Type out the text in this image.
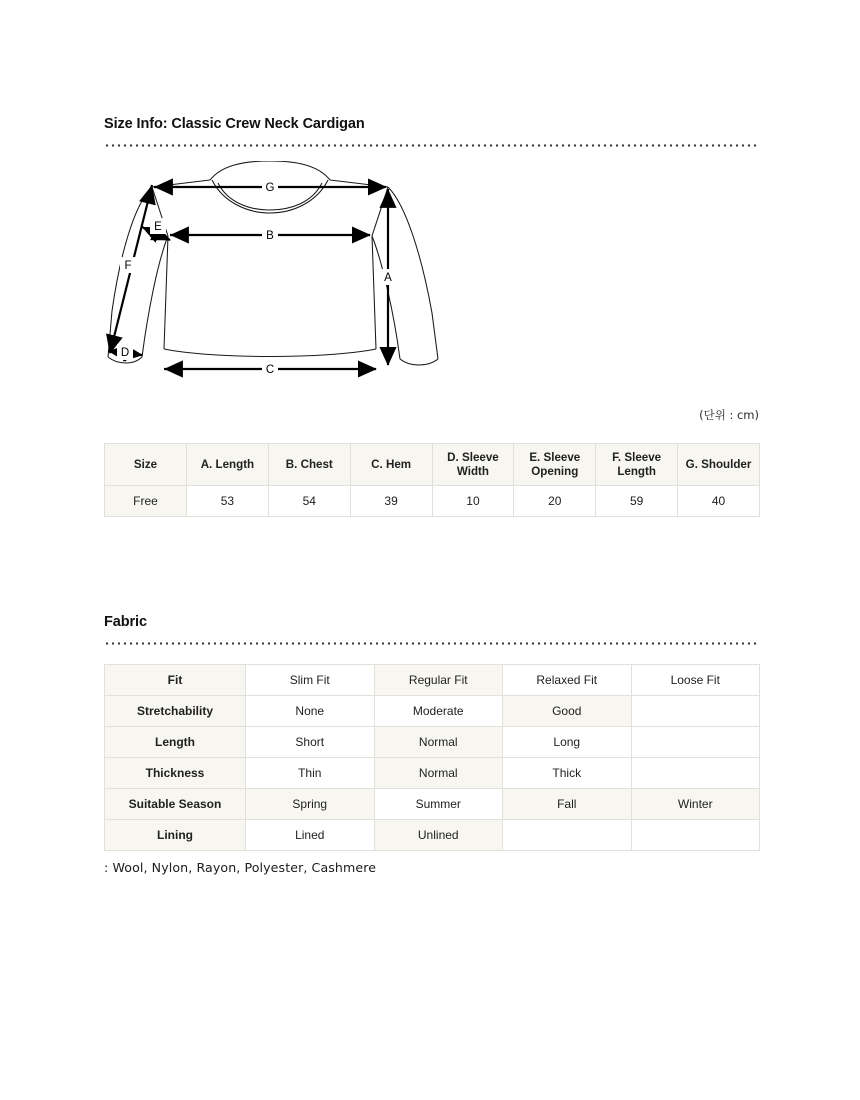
Size Info: Classic Crew Neck Cardigan
G
B
C
A
E
F
D
(단위 : cm)
Size	A. Length	B. Chest	C. Hem	D. Sleeve Width	E. Sleeve Opening	F. Sleeve Length	G. Shoulder
Free	53	54	39	10	20	59	40
Fabric
Fit	Slim Fit	Regular Fit	Relaxed Fit	Loose Fit
Stretchability	None	Moderate	Good	
Length	Short	Normal	Long	
Thickness	Thin	Normal	Thick	
Suitable Season	Spring	Summer	Fall	Winter
Lining	Lined	Unlined		
: Wool, Nylon, Rayon, Polyester, Cashmere
